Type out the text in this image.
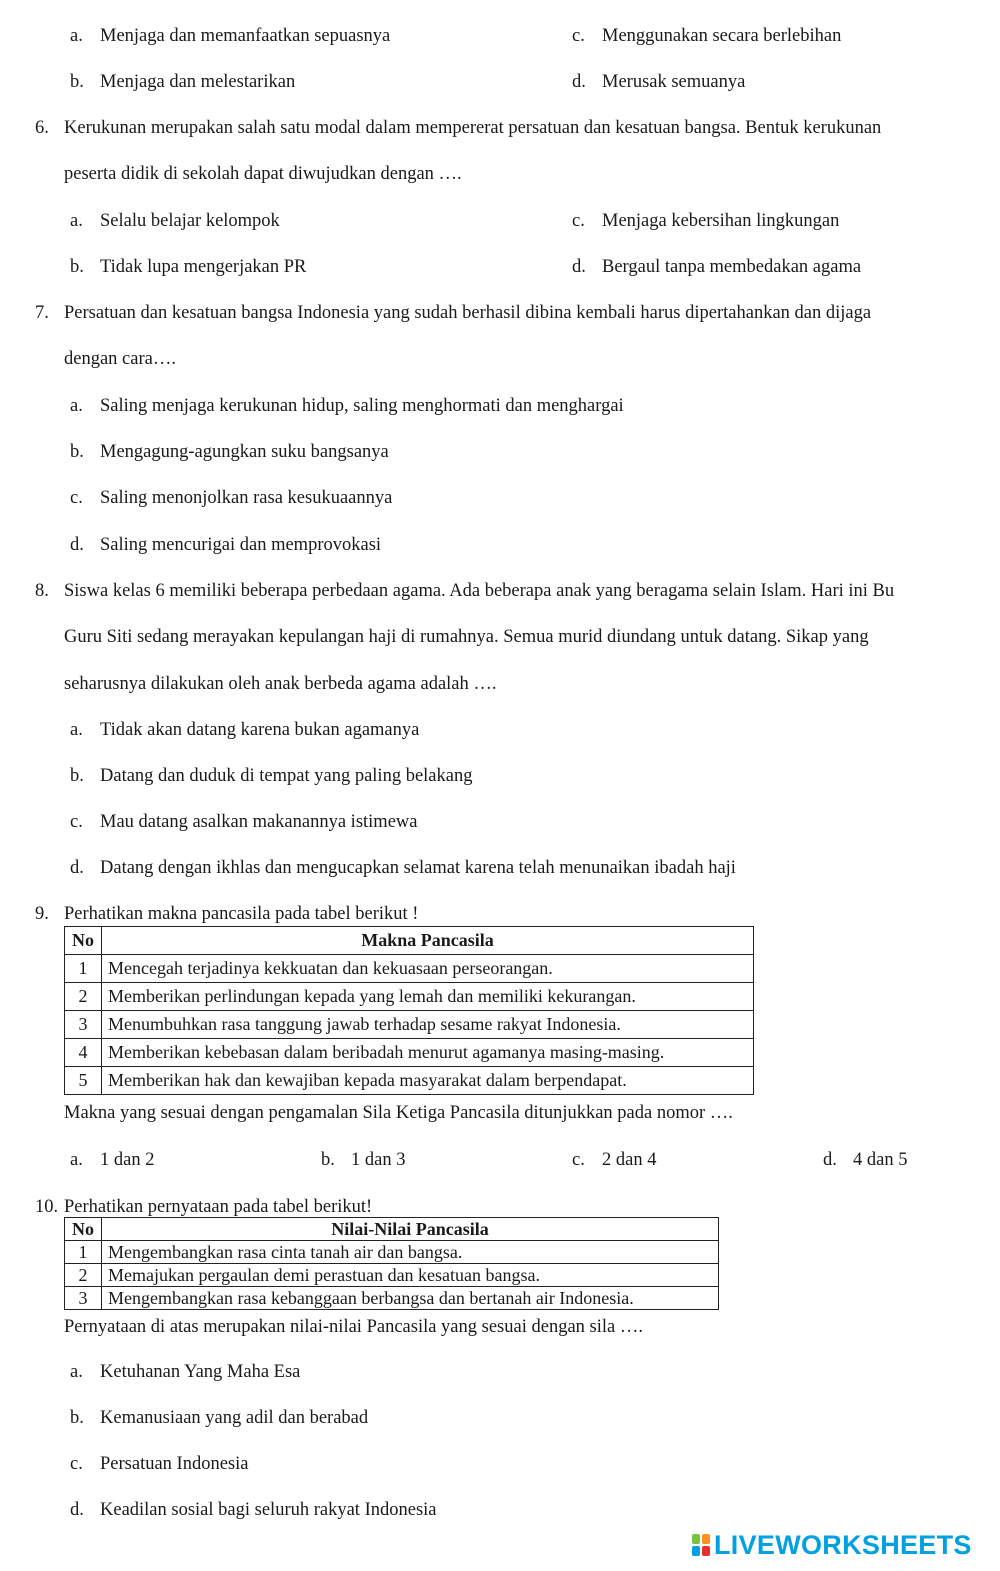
a. Menjaga dan memanfaatkan sepuasnya	c. Menggunakan secara berlebihan
b. Menjaga dan melestarikan	d. Merusak semuanya
6. Kerukunan merupakan salah satu modal dalam mempererat persatuan dan kesatuan bangsa. Bentuk kerukunan
peserta didik di sekolah dapat diwujudkan dengan ….
a. Selalu belajar kelompok	c. Menjaga kebersihan lingkungan
b. Tidak lupa mengerjakan PR	d. Bergaul tanpa membedakan agama
7. Persatuan dan kesatuan bangsa Indonesia yang sudah berhasil dibina kembali harus dipertahankan dan dijaga
dengan cara….
a. Saling menjaga kerukunan hidup, saling menghormati dan menghargai
b. Mengagung-agungkan suku bangsanya
c. Saling menonjolkan rasa kesukuaannya
d. Saling mencurigai dan memprovokasi
8. Siswa kelas 6 memiliki beberapa perbedaan agama. Ada beberapa anak yang beragama selain Islam. Hari ini Bu
Guru Siti sedang merayakan kepulangan haji di rumahnya. Semua murid diundang untuk datang. Sikap yang
seharusnya dilakukan oleh anak berbeda agama adalah ….
a. Tidak akan datang karena bukan agamanya
b. Datang dan duduk di tempat yang paling belakang
c. Mau datang asalkan makanannya istimewa
d. Datang dengan ikhlas dan mengucapkan selamat karena telah menunaikan ibadah haji
9. Perhatikan makna pancasila pada tabel berikut !
No	Makna Pancasila
1	Mencegah terjadinya kekkuatan dan kekuasaan perseorangan.
2	Memberikan perlindungan kepada yang lemah dan memiliki kekurangan.
3	Menumbuhkan rasa tanggung jawab terhadap sesame rakyat Indonesia.
4	Memberikan kebebasan dalam beribadah menurut agamanya masing-masing.
5	Memberikan hak dan kewajiban kepada masyarakat dalam berpendapat.
Makna yang sesuai dengan pengamalan Sila Ketiga Pancasila ditunjukkan pada nomor ….
a. 1 dan 2	b. 1 dan 3	c. 2 dan 4	d. 4 dan 5
10. Perhatikan pernyataan pada tabel berikut!
No	Nilai-Nilai Pancasila
1	Mengembangkan rasa cinta tanah air dan bangsa.
2	Memajukan pergaulan demi perastuan dan kesatuan bangsa.
3	Mengembangkan rasa kebanggaan berbangsa dan bertanah air Indonesia.
Pernyataan di atas merupakan nilai-nilai Pancasila yang sesuai dengan sila ….
a. Ketuhanan Yang Maha Esa
b. Kemanusiaan yang adil dan berabad
c. Persatuan Indonesia
d. Keadilan sosial bagi seluruh rakyat Indonesia
LIVEWORKSHEETS
